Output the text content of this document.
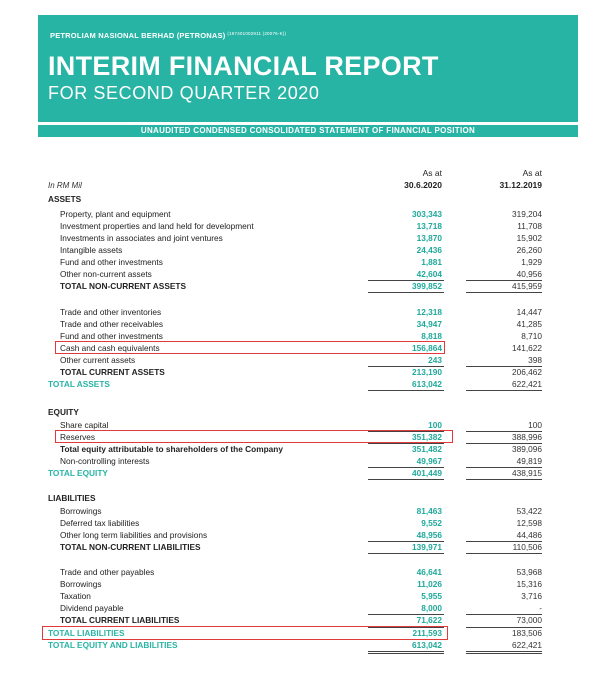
PETROLIAM NASIONAL BERHAD (PETRONAS) $^{(197401002911 (20076-K))}$
INTERIM FINANCIAL REPORT
FOR SECOND QUARTER 2020
UNAUDITED CONDENSED CONSOLIDATED STATEMENT OF FINANCIAL POSITION
As at
30.6.2020
As at
31.12.2019
In RM Mil
ASSETS
Property, plant and equipment	303,343	319,204
Investment properties and land held for development	13,718	11,708
Investments in associates and joint ventures	13,870	15,902
Intangible assets	24,436	26,260
Fund and other investments	1,881	1,929
Other non-current assets	42,604	40,956
TOTAL NON-CURRENT ASSETS	399,852	415,959
Trade and other inventories	12,318	14,447
Trade and other receivables	34,947	41,285
Fund and other investments	8,818	8,710
Cash and cash equivalents	156,864	141,622
Other current assets	243	398
TOTAL CURRENT ASSETS	213,190	206,462
TOTAL ASSETS	613,042	622,421
EQUITY
Share capital	100	100
Reserves	351,382	388,996
Total equity attributable to shareholders of the Company	351,482	389,096
Non-controlling interests	49,967	49,819
TOTAL EQUITY	401,449	438,915
LIABILITIES
Borrowings	81,463	53,422
Deferred tax liabilities	9,552	12,598
Other long term liabilities and provisions	48,956	44,486
TOTAL NON-CURRENT LIABILITIES	139,971	110,506
Trade and other payables	46,641	53,968
Borrowings	11,026	15,316
Taxation	5,955	3,716
Dividend payable	8,000	-
TOTAL CURRENT LIABILITIES	71,622	73,000
TOTAL LIABILITIES	211,593	183,506
TOTAL EQUITY AND LIABILITIES	613,042	622,421
